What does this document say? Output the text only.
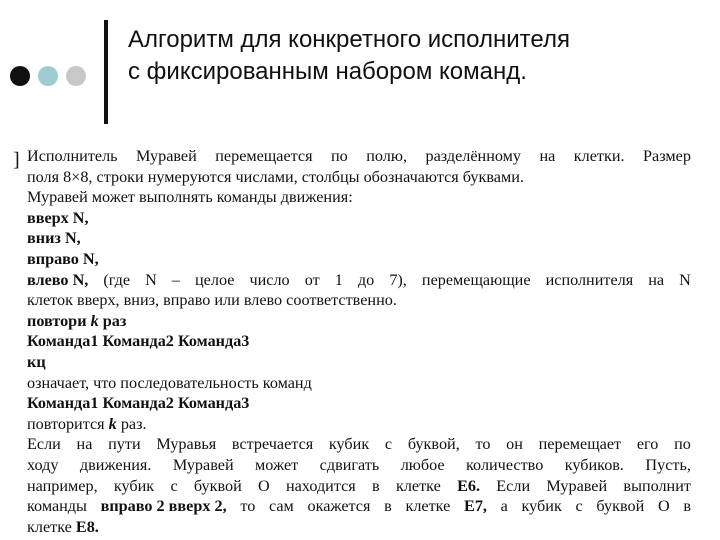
Алгоритм для конкретного исполнителя
с фиксированным набором команд.
] Исполнитель Муравей перемещается по полю, разделённому на клетки. Размер
поля 8×8, строки нумеруются числами, столбцы обозначаются буквами.
Муравей может выполнять команды движения:
вверх N,
вниз N,
вправо N,
влево N, (где N – целое число от 1 до 7), перемещающие исполнителя на N
клеток вверх, вниз, вправо или влево соответственно.
повтори k раз
Команда1 Команда2 Команда3
кц
означает, что последовательность команд
Команда1 Команда2 Команда3
повторится k раз.
Если на пути Муравья встречается кубик с буквой, то он перемещает его по
ходу движения. Муравей может сдвигать любое количество кубиков. Пусть,
например, кубик с буквой О находится в клетке E6. Если Муравей выполнит
команды вправо 2 вверх 2, то сам окажется в клетке E7, а кубик с буквой О в
клетке E8.
